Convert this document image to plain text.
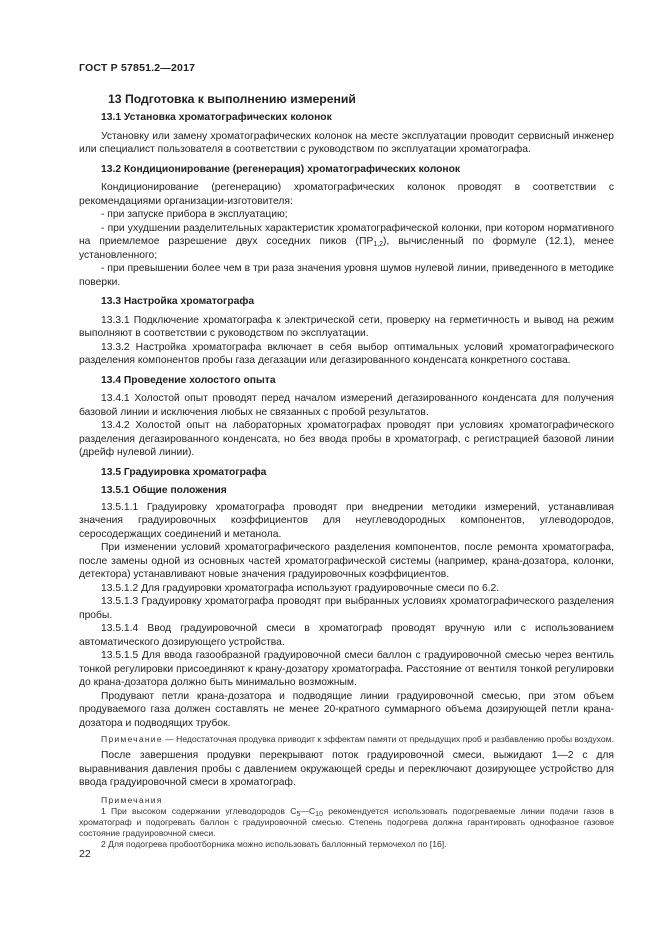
ГОСТ Р 57851.2—2017
13 Подготовка к выполнению измерений
13.1 Установка хроматографических колонок

Установку или замену хроматографических колонок на месте эксплуатации проводит сервисный инженер или специалист пользователя в соответствии с руководством по эксплуатации хроматографа.

13.2 Кондиционирование (регенерация) хроматографических колонок

Кондиционирование (регенерацию) хроматографических колонок проводят в соответствии с рекомендациями организации-изготовителя:

- при запуске прибора в эксплуатацию;

- при ухудшении разделительных характеристик хроматографической колонки, при котором нормативного на приемлемое разрешение двух соседних пиков $(ПР_{1,2})$, вычисленный по формуле (12.1), менее установленного;

- при превышении более чем в три раза значения уровня шумов нулевой линии, приведенного в методике поверки.

13.3 Настройка хроматографа

13.3.1 Подключение хроматографа к электрической сети, проверку на герметичность и вывод на режим выполняют в соответствии с руководством по эксплуатации.

13.3.2 Настройка хроматографа включает в себя выбор оптимальных условий хроматографического разделения компонентов пробы газа дегазации или дегазированного конденсата конкретного состава.

13.4 Проведение холостого опыта

13.4.1 Холостой опыт проводят перед началом измерений дегазированного конденсата для получения базовой линии и исключения любых не связанных с пробой результатов.

13.4.2 Холостой опыт на лабораторных хроматографах проводят при условиях хроматографического разделения дегазированного конденсата, но без ввода пробы в хроматограф, с регистрацией базовой линии (дрейф нулевой линии).

13.5 Градуировка хроматографа
13.5.1 Общие положения

13.5.1.1 Градуировку хроматографа проводят при внедрении методики измерений, устанавливая значения градуировочных коэффициентов для неуглеводородных компонентов, углеводородов, серосодержащих соединений и метанола.

При изменении условий хроматографического разделения компонентов, после ремонта хроматографа, после замены одной из основных частей хроматографической системы (например, крана-дозатора, колонки, детектора) устанавливают новые значения градуировочных коэффициентов.

13.5.1.2 Для градуировки хроматографа используют градуировочные смеси по 6.2.

13.5.1.3 Градуировку хроматографа проводят при выбранных условиях хроматографического разделения пробы.

13.5.1.4 Ввод градуировочной смеси в хроматограф проводят вручную или с использованием автоматического дозирующего устройства.

13.5.1.5 Для ввода газообразной градуировочной смеси баллон с градуировочной смесью через вентиль тонкой регулировки присоединяют к крану-дозатору хроматографа. Расстояние от вентиля тонкой регулировки до крана-дозатора должно быть минимально возможным.

Продувают петли крана-дозатора и подводящие линии градуировочной смесью, при этом объем продуваемого газа должен составлять не менее 20-кратного суммарного объема дозирующей петли крана-дозатора и подводящих трубок.

Примечание — Недостаточная продувка приводит к эффектам памяти от предыдущих проб и разбавлению пробы воздухом.

После завершения продувки перекрывают поток градуировочной смеси, выжидают 1—2 с для выравнивания давления пробы с давлением окружающей среды и переключают дозирующее устройство для ввода градуировочной смеси в хроматограф.

Примечания

1 При высоком содержании углеводородов $С_5—С_{10}$ рекомендуется использовать подогреваемые линии подачи газов в хроматограф и подогревать баллон с градуировочной смесью. Степень подогрева должна гарантировать однофазное газовое состояние градуировочной смеси.

2 Для подогрева пробоотборника можно использовать баллонный термочехол по [16].

22
